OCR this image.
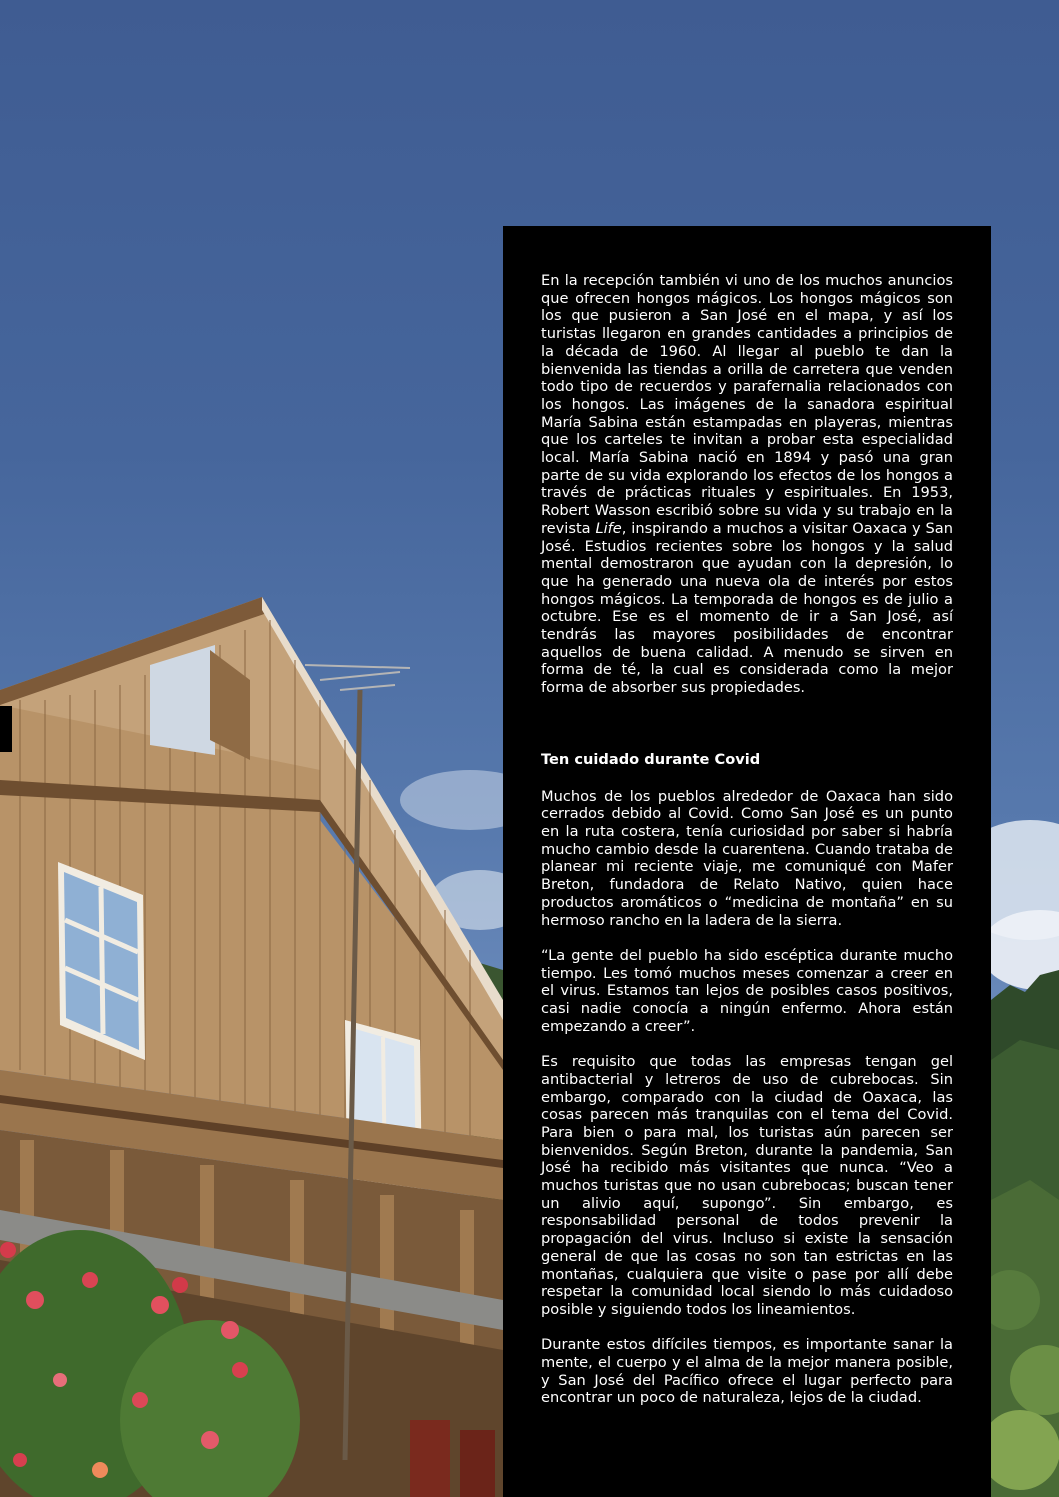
En la recepción también vi uno de los muchos anuncios que ofrecen hongos mágicos. Los hongos mágicos son los que pusieron a San José en el mapa, y así los turistas llegaron en grandes cantidades a principios de la década de 1960. Al llegar al pueblo te dan la bienvenida las tiendas a orilla de carretera que venden todo tipo de recuerdos y parafernalia relacionados con los hongos. Las imágenes de la sanadora espiritual María Sabina están estampadas en playeras, mientras que los carteles te invitan a probar esta especialidad local. María Sabina nació en 1894 y pasó una gran parte de su vida explorando los efectos de los hongos a través de prácticas rituales y espirituales. En 1953, Robert Wasson escribió sobre su vida y su trabajo en la revista Life, inspirando a muchos a visitar Oaxaca y San José. Estudios recientes sobre los hongos y la salud mental demostraron que ayudan con la depresión, lo que ha generado una nueva ola de interés por estos hongos mágicos. La temporada de hongos es de julio a octubre. Ese es el momento de ir a San José, así tendrás las mayores posibilidades de encontrar aquellos de buena calidad. A menudo se sirven en forma de té, la cual es considerada como la mejor forma de absorber sus propiedades.

Ten cuidado durante Covid

Muchos de los pueblos alrededor de Oaxaca han sido cerrados debido al Covid. Como San José es un punto en la ruta costera, tenía curiosidad por saber si habría mucho cambio desde la cuarentena. Cuando trataba de planear mi reciente viaje, me comuniqué con Mafer Breton, fundadora de Relato Nativo, quien hace productos aromáticos o “medicina de montaña” en su hermoso rancho en la ladera de la sierra.

“La gente del pueblo ha sido escéptica durante mucho tiempo. Les tomó muchos meses comenzar a creer en el virus. Estamos tan lejos de posibles casos positivos, casi nadie conocía a ningún enfermo. Ahora están empezando a creer”.

Es requisito que todas las empresas tengan gel antibacterial y letreros de uso de cubrebocas. Sin embargo, comparado con la ciudad de Oaxaca, las cosas parecen más tranquilas con el tema del Covid. Para bien o para mal, los turistas aún parecen ser bienvenidos. Según Breton, durante la pandemia, San José ha recibido más visitantes que nunca. “Veo a muchos turistas que no usan cubrebocas; buscan tener un alivio aquí, supongo”. Sin embargo, es responsabilidad personal de todos prevenir la propagación del virus. Incluso si existe la sensación general de que las cosas no son tan estrictas en las montañas, cualquiera que visite o pase por allí debe respetar la comunidad local siendo lo más cuidadoso posible y siguiendo todos los lineamientos.

Durante estos difíciles tiempos, es importante sanar la mente, el cuerpo y el alma de la mejor manera posible, y San José del Pacífico ofrece el lugar perfecto para encontrar un poco de naturaleza, lejos de la ciudad.
